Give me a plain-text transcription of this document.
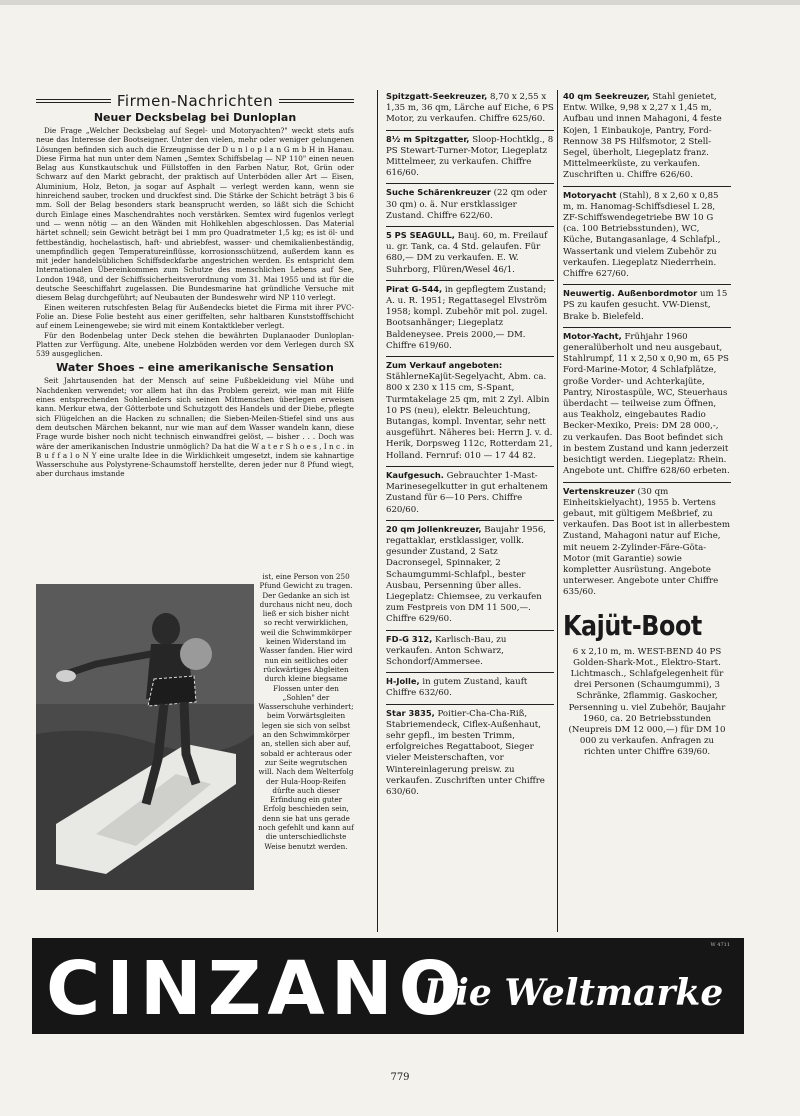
Firmen-Nachrichten
Neuer Decksbelag bei Dunloplan

Die Frage „Welcher Decksbelag auf Segel- und Motoryachten?" weckt stets aufs neue das Interesse der Bootseigner. Unter den vielen, mehr oder weniger gelungenen Lösungen befinden sich auch die Erzeugnisse der D u n l o p l a n G m b H in Hanau. Diese Firma hat nun unter dem Namen „Semtex Schiffsbelag — NP 110" einen neuen Belag aus Kunstkautschuk und Füllstoffen in den Farben Natur, Rot, Grün oder Schwarz auf den Markt gebracht, der praktisch auf Unterböden aller Art — Eisen, Aluminium, Holz, Beton, ja sogar auf Asphalt — verlegt werden kann, wenn sie hinreichend sauber, trocken und druckfest sind. Die Stärke der Schicht beträgt 3 bis 6 mm. Soll der Belag besonders stark beansprucht werden, so läßt sich die Schicht durch Einlage eines Maschendrahtes noch verstärken. Semtex wird fugenlos verlegt und — wenn nötig — an den Wänden mit Hohlkehlen abgeschlossen. Das Material härtet schnell; sein Gewicht beträgt bei 1 mm pro Quadratmeter 1,5 kg; es ist öl- und fettbeständig, hochelastisch, haft- und abriebfest, wasser- und chemikalienbeständig, unempfindlich gegen Temperatureinflüsse, korrosionsschützend, außerdem kann es mit jeder handelsüblichen Schiffsdeckfarbe angestrichen werden. Es entspricht dem Internationalen Übereinkommen zum Schutze des menschlichen Lebens auf See, London 1948, und der Schiffssicherheitsverordnung vom 31. Mai 1955 und ist für die deutsche Seeschiffahrt zugelassen. Die Bundesmarine hat gründliche Versuche mit diesem Belag durchgeführt; auf Neubauten der Bundeswehr wird NP 110 verlegt.

Einen weiteren rutschfesten Belag für Außendecks bietet die Firma mit ihrer PVC-Folie an. Diese Folie besteht aus einer geriffelten, sehr haltbaren Kunststofffschicht auf einem Leinengewebe; sie wird mit einem Kontaktkleber verlegt.

Für den Bodenbelag unter Deck stehen die bewährten Duplanaoder Dunloplan-Platten zur Verfügung. Alte, unebene Holzböden werden vor dem Verlegen durch SX 539 ausgeglichen.

Water Shoes – eine amerikanische Sensation

Seit Jahrtausenden hat der Mensch auf seine Fußbekleidung viel Mühe und Nachdenken verwendet; vor allem hat ihn das Problem gereizt, wie man mit Hilfe eines entsprechenden Sohlenleders sich seinen Mitmenschen überlegen erweisen kann. Merkur etwa, der Götterbote und Schutzgott des Handels und der Diebe, pflegte sich Flügelchen an die Hacken zu schnallen; die Sieben-Meilen-Stiefel sind uns aus dem deutschen Märchen bekannt, nur wie man auf dem Wasser wandeln kann, diese Frage wurde bisher noch nicht technisch einwandfrei gelöst, — bisher . . . Doch was wäre der amerikanischen Industrie unmöglich? Da hat die W a t e r S h o e s , I n c . in B u f f a l o N Y eine uralte Idee in die Wirklichkeit umgesetzt, indem sie kahnartige Wasserschuhe aus Polystyrene-Schaumstoff herstellte, deren jeder nur 8 Pfund wiegt, aber durchaus imstande

ist, eine Person von 250 Pfund Gewicht zu tragen. Der Gedanke an sich ist durchaus nicht neu, doch ließ er sich bisher nicht so recht verwirklichen, weil die Schwimmkörper keinen Widerstand im Wasser fanden. Hier wird nun ein seitliches oder rückwärtiges Abgleiten durch kleine biegsame Flossen unter den „Sohlen" der Wasserschuhe verhindert; beim Vorwärtsgleiten legen sie sich von selbst an den Schwimmkörper an, stellen sich aber auf, sobald er achteraus oder zur Seite wegrutschen will. Nach dem Welterfolg der Hula-Hoop-Reifen dürfte auch dieser Erfindung ein guter Erfolg beschieden sein, denn sie hat uns gerade noch gefehlt und kann auf die unterschiedlichste Weise benutzt werden.

Spitzgatt-Seekreuzer, 8,70 x 2,55 x 1,35 m, 36 qm, Lärche auf Eiche, 6 PS Motor, zu verkaufen. Chiffre 625/60.

8½ m Spitzgatter, Sloop-Hochtklg., 8 PS Stewart-Turner-Motor, Liegeplatz Mittelmeer, zu verkaufen. Chiffre 616/60.

Suche Schärenkreuzer (22 qm oder 30 qm) o. ä. Nur erstklassiger Zustand. Chiffre 622/60.

5 PS SEAGULL, Bauj. 60, m. Freilauf u. gr. Tank, ca. 4 Std. gelaufen. Für 680,— DM zu verkaufen. E. W. Suhrborg, Flüren/Wesel 46/1.

Pirat G-544, in gepflegtem Zustand; A. u. R. 1951; Regattasegel Elvström 1958; kompl. Zubehör mit pol. zugel. Bootsanhänger; Liegeplatz Baldeneysee. Preis 2000,— DM. Chiffre 619/60.

Zum Verkauf angeboten: StählerneKajüt-Segelyacht, Abm. ca. 800 x 230 x 115 cm, S-Spant, Turmtakelage 25 qm, mit 2 Zyl. Albin 10 PS (neu), elektr. Beleuchtung, Butangas, kompl. Inventar, sehr nett ausgeführt. Näheres bei: Herrn J. v. d. Herik, Dorpsweg 112c, Rotterdam 21, Holland. Fernruf: 010 — 17 44 82.

Kaufgesuch. Gebrauchter 1-Mast-Marinesegelkutter in gut erhaltenem Zustand für 6—10 Pers. Chiffre 620/60.

20 qm Jollenkreuzer, Baujahr 1956, regattaklar, erstklassiger, vollk. gesunder Zustand, 2 Satz Dacronsegel, Spinnaker, 2 Schaumgummi-Schlafpl., bester Ausbau, Persenning über alles. Liegeplatz: Chiemsee, zu verkaufen zum Festpreis von DM 11 500,—. Chiffre 629/60.

FD-G 312, Karlisch-Bau, zu verkaufen. Anton Schwarz, Schondorf/Ammersee.

H-Jolle, in gutem Zustand, kauft Chiffre 632/60.

Star 3835, Poitier-Cha-Cha-Riß, Stabriemendeck, Ciflex-Außenhaut, sehr gepfl., im besten Trimm, erfolgreiches Regattaboot, Sieger vieler Meisterschaften, vor Wintereinlagerung preisw. zu verkaufen. Zuschriften unter Chiffre 630/60.

40 qm Seekreuzer, Stahl genietet, Entw. Wilke, 9,98 x 2,27 x 1,45 m, Aufbau und innen Mahagoni, 4 feste Kojen, 1 Einbaukoje, Pantry, Ford-Rennow 38 PS Hilfsmotor, 2 Stell-Segel, überholt, Liegeplatz franz. Mittelmeerküste, zu verkaufen. Zuschriften u. Chiffre 626/60.

Motoryacht (Stahl), 8 x 2,60 x 0,85 m, m. Hanomag-Schiffsdiesel L 28, ZF-Schiffswendegetriebe BW 10 G (ca. 100 Betriebsstunden), WC, Küche, Butangasanlage, 4 Schlafpl., Wassertank und vielem Zubehör zu verkaufen. Liegeplatz Niederrhein. Chiffre 627/60.

Neuwertig. Außenbordmotor um 15 PS zu kaufen gesucht. VW-Dienst, Brake b. Bielefeld.

Motor-Yacht, Frühjahr 1960 generalüberholt und neu ausgebaut, Stahlrumpf, 11 x 2,50 x 0,90 m, 65 PS Ford-Marine-Motor, 4 Schlafplätze, große Vorder- und Achterkajüte, Pantry, Nirostaspüle, WC, Steuerhaus überdacht — teilweise zum Öffnen, aus Teakholz, eingebautes Radio Becker-Mexiko, Preis: DM 28 000,-, zu verkaufen. Das Boot befindet sich in bestem Zustand und kann jederzeit besichtigt werden. Liegeplatz: Rhein. Angebote unt. Chiffre 628/60 erbeten.

Vertenskreuzer (30 qm Einheitskielyacht), 1955 b. Vertens gebaut, mit gültigem Meßbrief, zu verkaufen. Das Boot ist in allerbestem Zustand, Mahagoni natur auf Eiche, mit neuem 2-Zylinder-Färe-Göta-Motor (mit Garantie) sowie kompletter Ausrüstung. Angebote unterweser. Angebote unter Chiffre 635/60.

Kajüt-Boot

6 x 2,10 m, m. WEST-BEND 40 PS Golden-Shark-Mot., Elektro-Start. Lichtmasch., Schlafgelegenheit für drei Personen (Schaumgummi), 3 Schränke, 2flammig. Gaskocher, Persenning u. viel Zubehör, Baujahr 1960, ca. 20 Betriebsstunden (Neupreis DM 12 000,—) für DM 10 000 zu verkaufen. Anfragen zu richten unter Chiffre 639/60.

CINZANO
Die Weltmarke
W 4711
779
